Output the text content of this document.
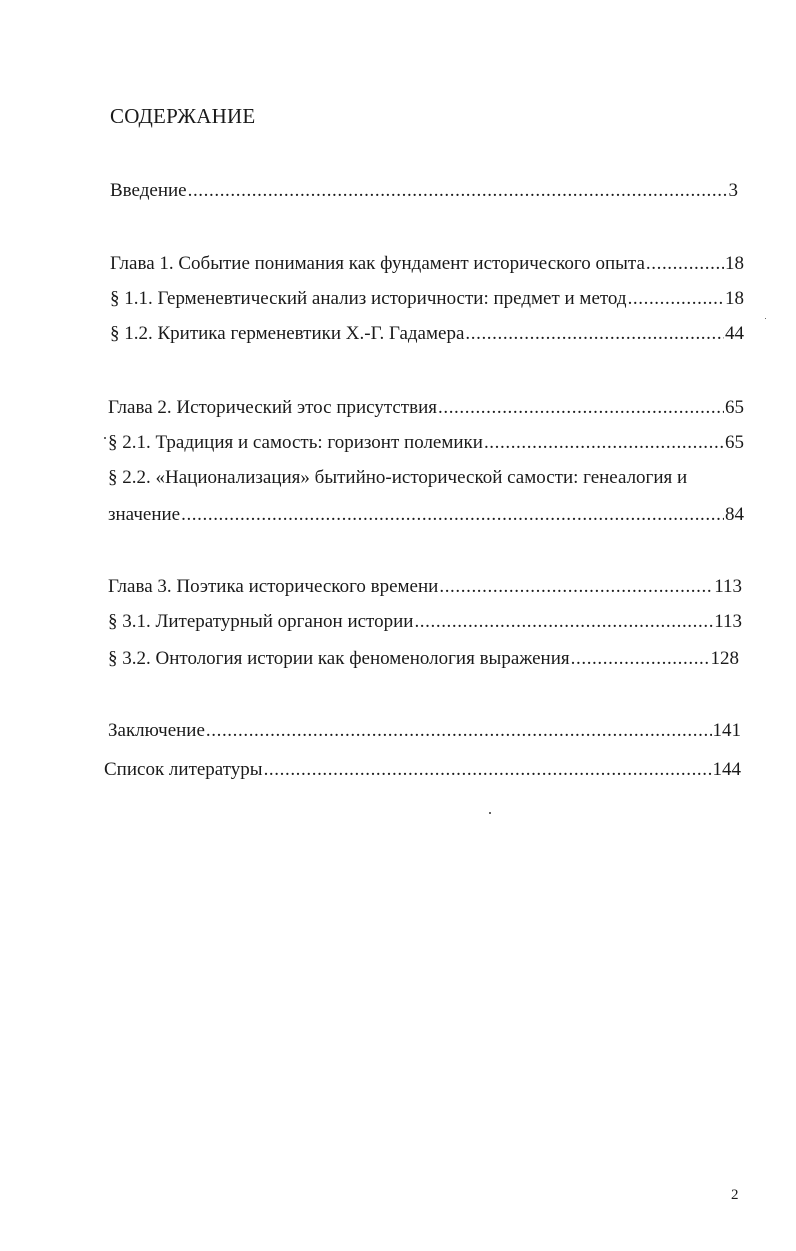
СОДЕРЖАНИЕ
Введение .....	3
Глава 1. Событие понимания как фундамент исторического опыта .....	18
§ 1.1. Герменевтический анализ историчности: предмет и метод .....	18
§ 1.2. Критика герменевтики Х.-Г. Гадамера .....	44
Глава 2. Исторический этос присутствия .....	65
§ 2.1. Традиция и самость: горизонт полемики .....	65
§ 2.2. «Национализация» бытийно-исторической самости: генеалогия и
значение .....	84
Глава 3. Поэтика исторического времени .....	113
§ 3.1. Литературный органон истории .....	113
§ 3.2. Онтология истории как феноменология выражения .....	128
Заключение .....	141
Список литературы .....	144
2
